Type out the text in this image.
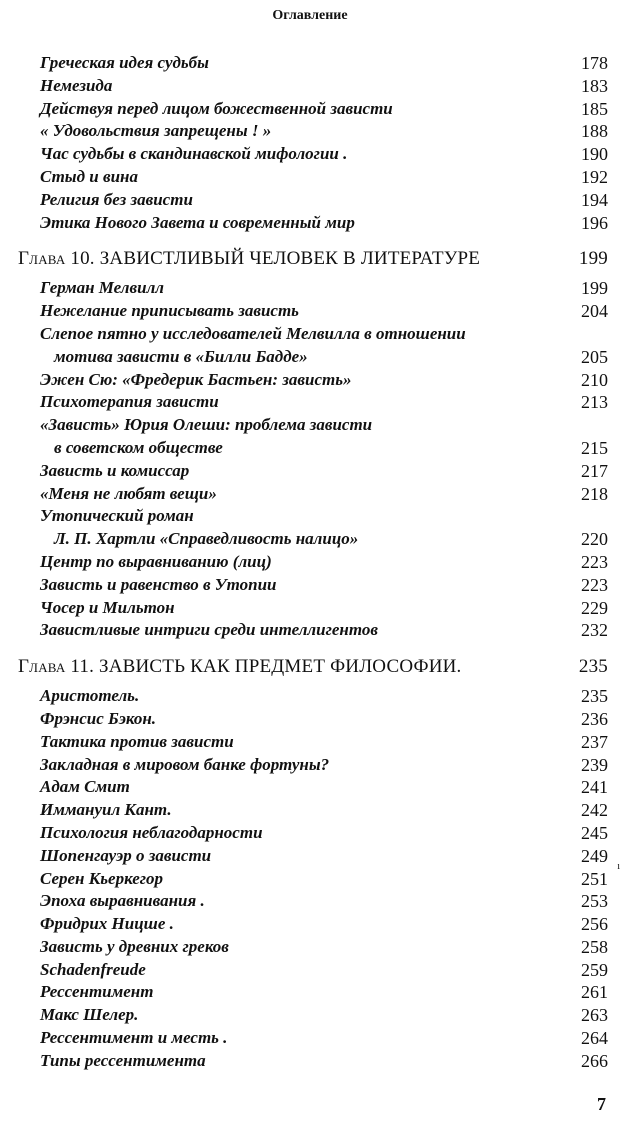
Оглавление
Греческая идея судьбы	178
Немезида	183
Действуя перед лицом божественной зависти	185
« Удовольствия запрещены ! »	188
Час судьбы в скандинавской мифологии .	190
Стыд и вина	192
Религия без зависти	194
Этика Нового Завета и современный мир	196
Глава 10. ЗАВИСТЛИВЫЙ ЧЕЛОВЕК В ЛИТЕРАТУРЕ	199
Герман Мелвилл	199
Нежелание приписывать зависть	204
Слепое пятно у исследователей Мелвилла в отношении
мотива зависти в «Билли Бадде»	205
Эжен Сю: «Фредерик Бастьен: зависть»	210
Психотерапия зависти	213
«Зависть» Юрия Олеши: проблема зависти
в советском обществе	215
Зависть и комиссар	217
«Меня не любят вещи»	218
Утопический роман
Л. П. Хартли «Справедливость налицо»	220
Центр по выравниванию (лиц)	223
Зависть и равенство в Утопии	223
Чосер и Мильтон	229
Завистливые интриги среди интеллигентов	232
Глава 11. ЗАВИСТЬ КАК ПРЕДМЕТ ФИЛОСОФИИ.	235
Аристотель.	235
Фрэнсис Бэкон.	236
Тактика против зависти	237
Закладная в мировом банке фортуны?	239
Адам Смит	241
Иммануил Кант.	242
Психология неблагодарности	245
Шопенгауэр о зависти	249
Серен Кьеркегор	251
Эпоха выравнивания .	253
Фридрих Ницше .	256
Зависть у древних греков	258
Schadenfreude	259
Рессентимент	261
Макс Шелер.	263
Рессентимент и месть .	264
Типы рессентимента	266
ı
7
